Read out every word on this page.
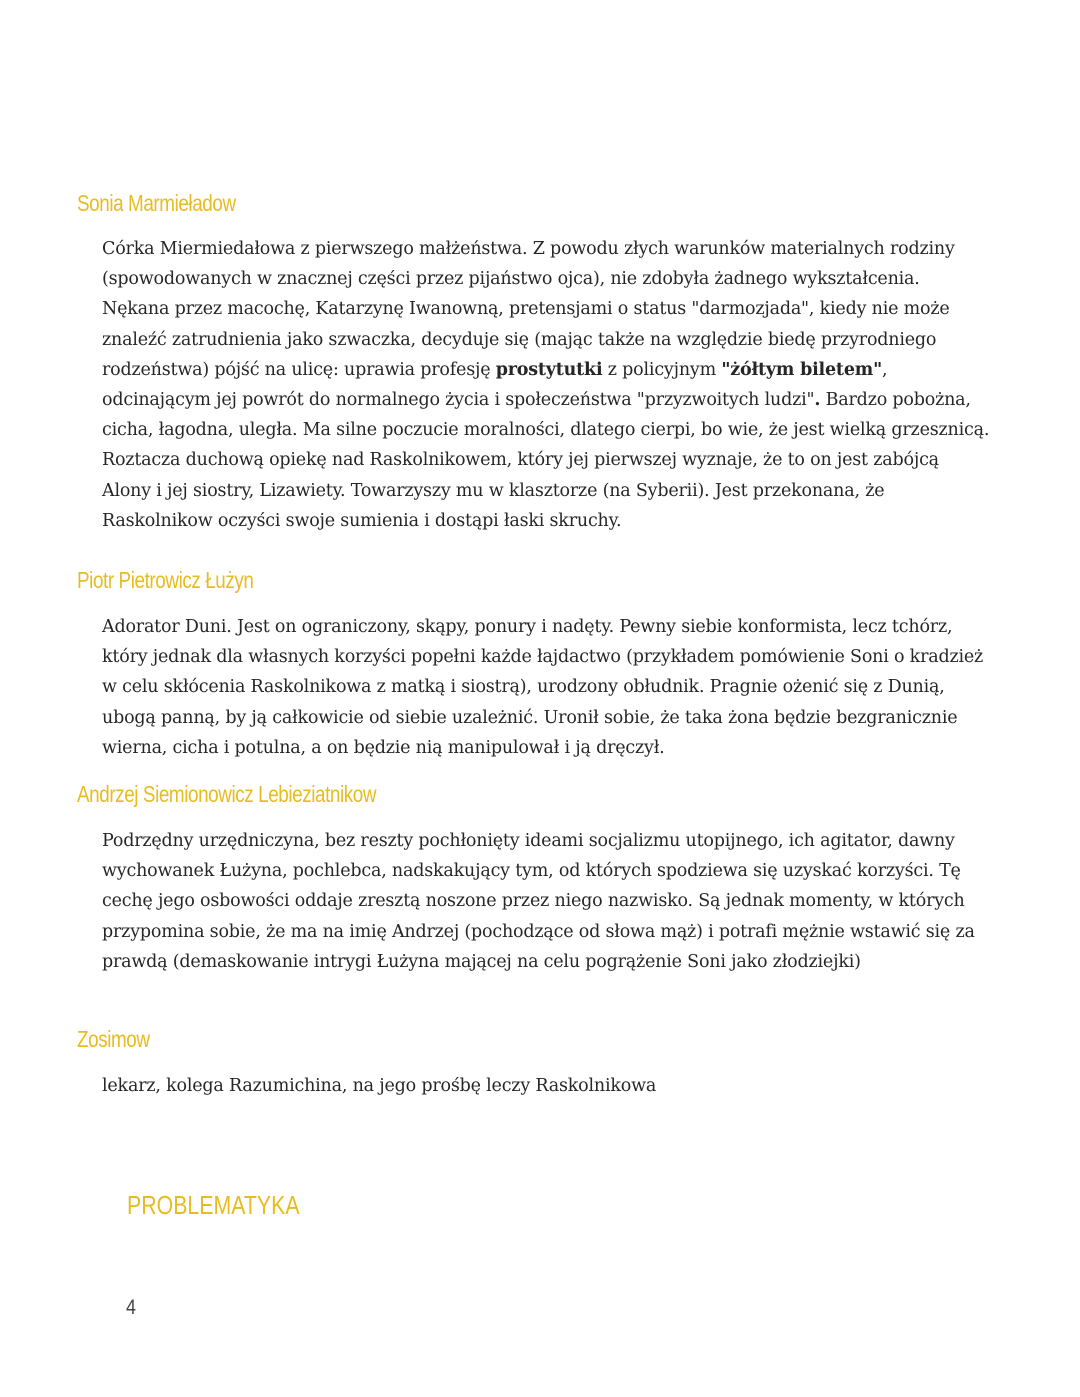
Sonia Marmieładow

Córka Miermiedałowa z pierwszego małżeństwa. Z powodu złych warunków materialnych rodziny (spowodowanych w znacznej części przez pijaństwo ojca), nie zdobyła żadnego wykształcenia. Nękana przez macochę, Katarzynę Iwanowną, pretensjami o status "darmozjada", kiedy nie może znaleźć zatrudnienia jako szwaczka, decyduje się (mając także na względzie biedę przyrodniego rodzeństwa) pójść na ulicę: uprawia profesję prostytutki z policyjnym "żółtym biletem", odcinającym jej powrót do normalnego życia i społeczeństwa "przyzwoitych ludzi". Bardzo pobożna, cicha, łagodna, uległa. Ma silne poczucie moralności, dlatego cierpi, bo wie, że jest wielką grzesznicą. Roztacza duchową opiekę nad Raskolnikowem, który jej pierwszej wyznaje, że to on jest zabójcą Alony i jej siostry, Lizawiety. Towarzyszy mu w klasztorze (na Syberii). Jest przekonana, że Raskolnikow oczyści swoje sumienia i dostąpi łaski skruchy.

Piotr Pietrowicz Łużyn

Adorator Duni. Jest on ograniczony, skąpy, ponury i nadęty. Pewny siebie konformista, lecz tchórz, który jednak dla własnych korzyści popełni każde łajdactwo (przykładem pomówienie Soni o kradzież w celu skłócenia Raskolnikowa z matką i siostrą), urodzony obłudnik. Pragnie ożenić się z Dunią, ubogą panną, by ją całkowicie od siebie uzależnić. Uronił sobie, że taka żona będzie bezgranicznie wierna, cicha i potulna, a on będzie nią manipulował i ją dręczył.

Andrzej Siemionowicz Lebieziatnikow

Podrzędny urzędniczyna, bez reszty pochłonięty ideami socjalizmu utopijnego, ich agitator, dawny wychowanek Łużyna, pochlebca, nadskakujący tym, od których spodziewa się uzyskać korzyści. Tę cechę jego osbowości oddaje zresztą noszone przez niego nazwisko. Są jednak momenty, w których przypomina sobie, że ma na imię Andrzej (pochodzące od słowa mąż) i potrafi mężnie wstawić się za prawdą (demaskowanie intrygi Łużyna mającej na celu pogrążenie Soni jako złodziejki)

Zosimow

lekarz, kolega Razumichina, na jego prośbę leczy Raskolnikowa

PROBLEMATYKA
4
